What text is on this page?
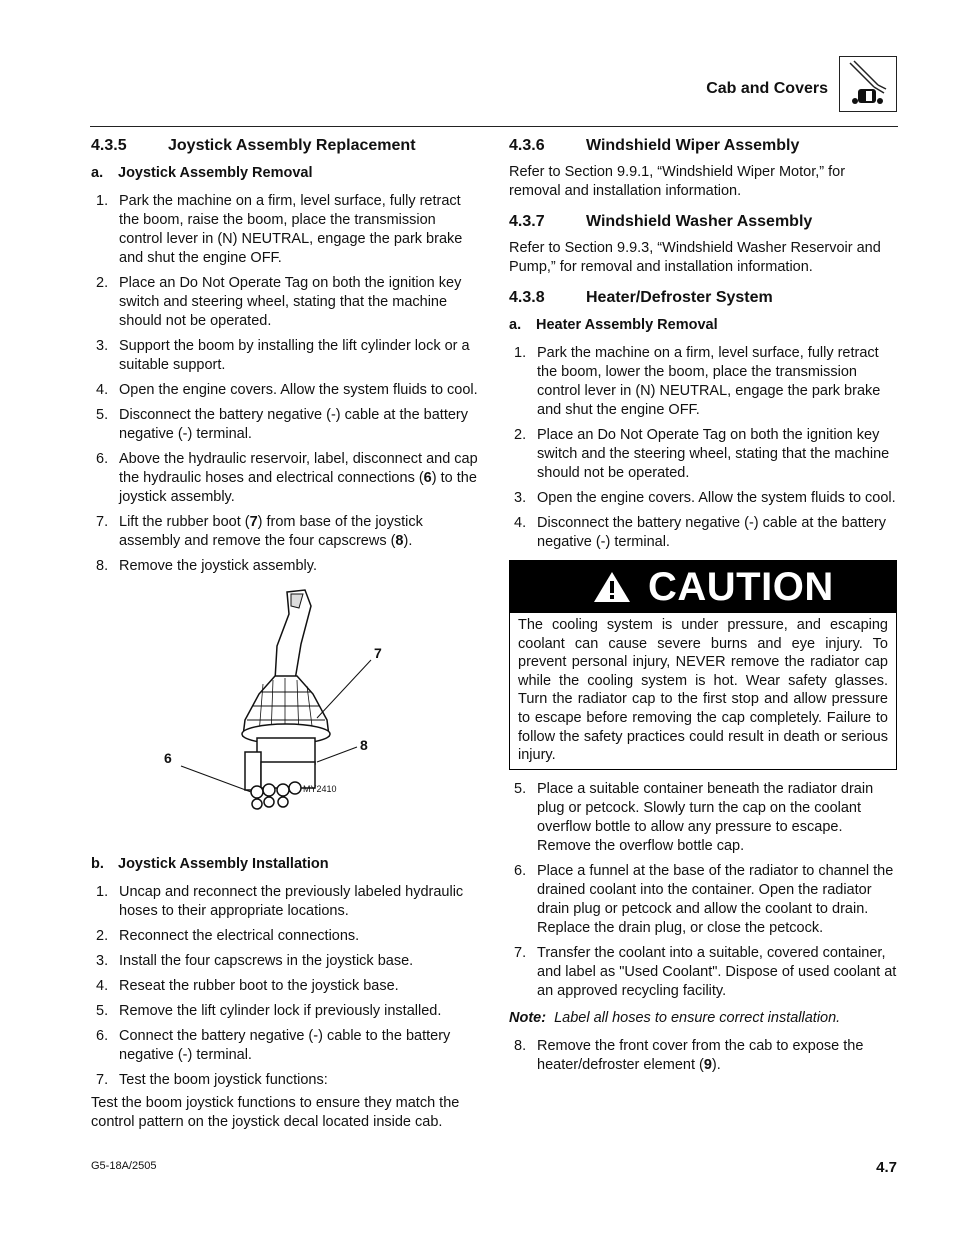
Cab and Covers
4.3.5	Joystick Assembly Replacement
a. Joystick Assembly Removal
1. Park the machine on a firm, level surface, fully retract the boom, raise the boom, place the transmission control lever in (N) NEUTRAL, engage the park brake and shut the engine OFF.
2. Place an Do Not Operate Tag on both the ignition key switch and steering wheel, stating that the machine should not be operated.
3. Support the boom by installing the lift cylinder lock or a suitable support.
4. Open the engine covers. Allow the system fluids to cool.
5. Disconnect the battery negative (-) cable at the battery negative (-) terminal.
6. Above the hydraulic reservoir, label, disconnect and cap the hydraulic hoses and electrical connections (6) to the joystick assembly.
7. Lift the rubber boot (7) from base of the joystick assembly and remove the four capscrews (8).
8. Remove the joystick assembly.
7
8
6
MY2410
b. Joystick Assembly Installation
1. Uncap and reconnect the previously labeled hydraulic hoses to their appropriate locations.
2. Reconnect the electrical connections.
3. Install the four capscrews in the joystick base.
4. Reseat the rubber boot to the joystick base.
5. Remove the lift cylinder lock if previously installed.
6. Connect the battery negative (-) cable to the battery negative (-) terminal.
7. Test the boom joystick functions:

Test the boom joystick functions to ensure they match the control pattern on the joystick decal located inside cab.

4.3.6	Windshield Wiper Assembly

Refer to Section 9.9.1, “Windshield Wiper Motor,” for removal and installation information.

4.3.7	Windshield Washer Assembly

Refer to Section 9.9.3, “Windshield Washer Reservoir and Pump,” for removal and installation information.

4.3.8	Heater/Defroster System
a. Heater Assembly Removal
1. Park the machine on a firm, level surface, fully retract the boom, lower the boom, place the transmission control lever in (N) NEUTRAL, engage the park brake and shut the engine OFF.
2. Place an Do Not Operate Tag on both the ignition key switch and the steering wheel, stating that the machine should not be operated.
3. Open the engine covers. Allow the system fluids to cool.
4. Disconnect the battery negative (-) cable at the battery negative (-) terminal.
CAUTION
The cooling system is under pressure, and escaping coolant can cause severe burns and eye injury. To prevent personal injury, NEVER remove the radiator cap while the cooling system is hot. Wear safety glasses. Turn the radiator cap to the first stop and allow pressure to escape before removing the cap completely. Failure to follow the safety practices could result in death or serious injury.
5. Place a suitable container beneath the radiator drain plug or petcock. Slowly turn the cap on the coolant overflow bottle to allow any pressure to escape. Remove the overflow bottle cap.
6. Place a funnel at the base of the radiator to channel the drained coolant into the container. Open the radiator drain plug or petcock and allow the coolant to drain. Replace the drain plug, or close the petcock.
7. Transfer the coolant into a suitable, covered container, and label as "Used Coolant". Dispose of used coolant at an approved recycling facility.
Note: Label all hoses to ensure correct installation.
8. Remove the front cover from the cab to expose the heater/defroster element (9).
G5-18A/2505	4.7
